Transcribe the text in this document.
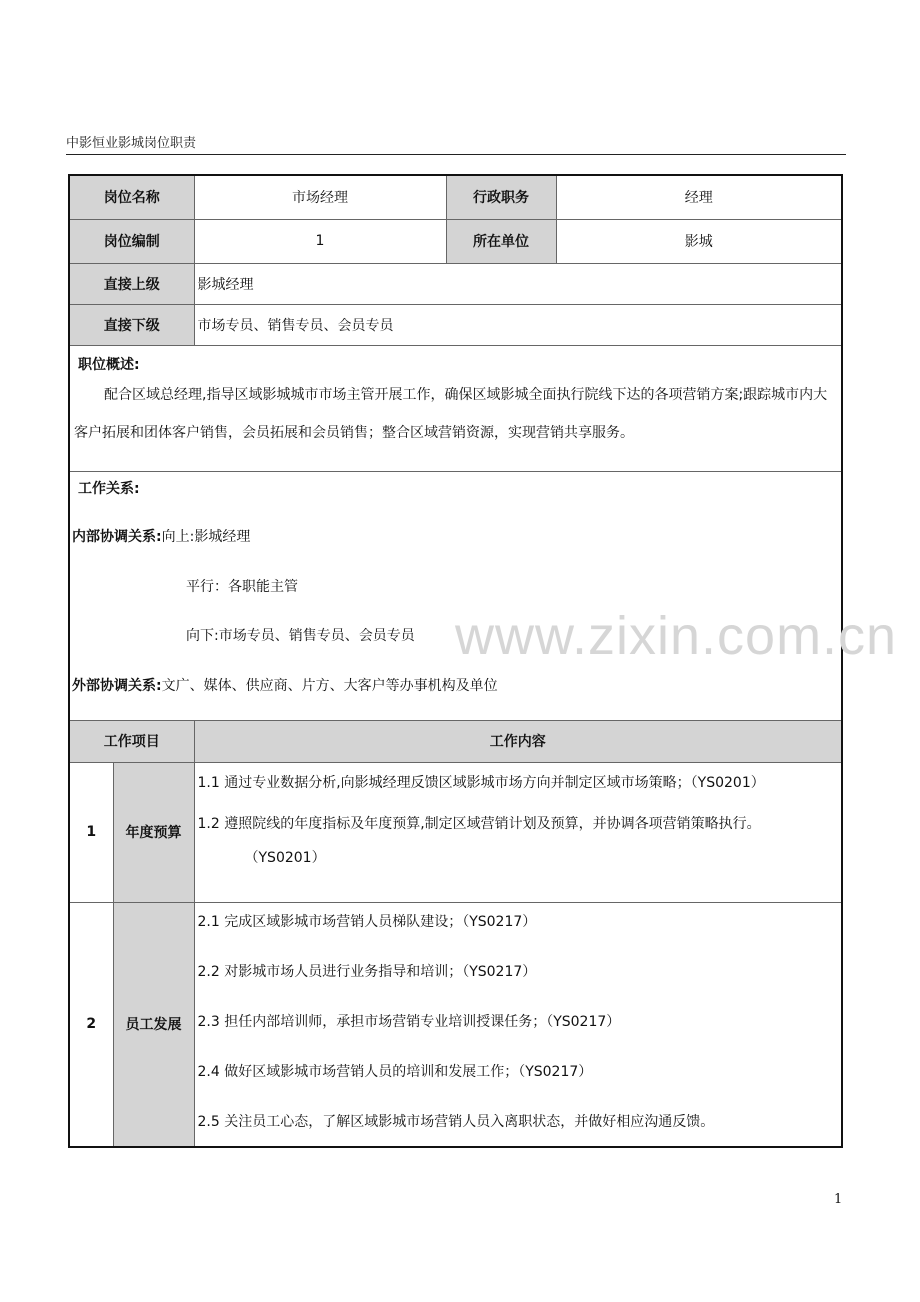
中影恒业影城岗位职责
岗位名称		市场经理	行政职务	经理
岗位编制		1	所在单位	影城
直接上级		影城经理		
直接下级		市场专员、销售专员、会员专员		

职位概述:
配合区域总经理,指导区域影城城市市场主管开展工作，确保区域影城全面执行院线下达的各项营销方案;跟踪城市内大客户拓展和团体客户销售，会员拓展和会员销售；整合区域营销资源，实现营销共享服务。				

工作关系:
内部协调关系:向上:影城经理
平行：各职能主管
向下:市场专员、销售专员、会员专员
外部协调关系:文广、媒体、供应商、片方、大客户等办事机构及单位				

工作项目		工作内容		
1	年度预算	1.1 通过专业数据分析,向影城经理反馈区域影城市场方向并制定区域市场策略；（YS0201）
1.2 遵照院线的年度指标及年度预算,制定区域营销计划及预算，并协调各项营销策略执行。
（YS0201）		

2	员工发展	2.1 完成区域影城市场营销人员梯队建设；（YS0217）
2.2 对影城市场人员进行业务指导和培训；（YS0217）
2.3 担任内部培训师，承担市场营销专业培训授课任务；（YS0217）
2.4 做好区域影城市场营销人员的培训和发展工作；（YS0217）
2.5 关注员工心态，了解区域影城市场营销人员入离职状态，并做好相应沟通反馈。		
www.zixin.com.cn
1
